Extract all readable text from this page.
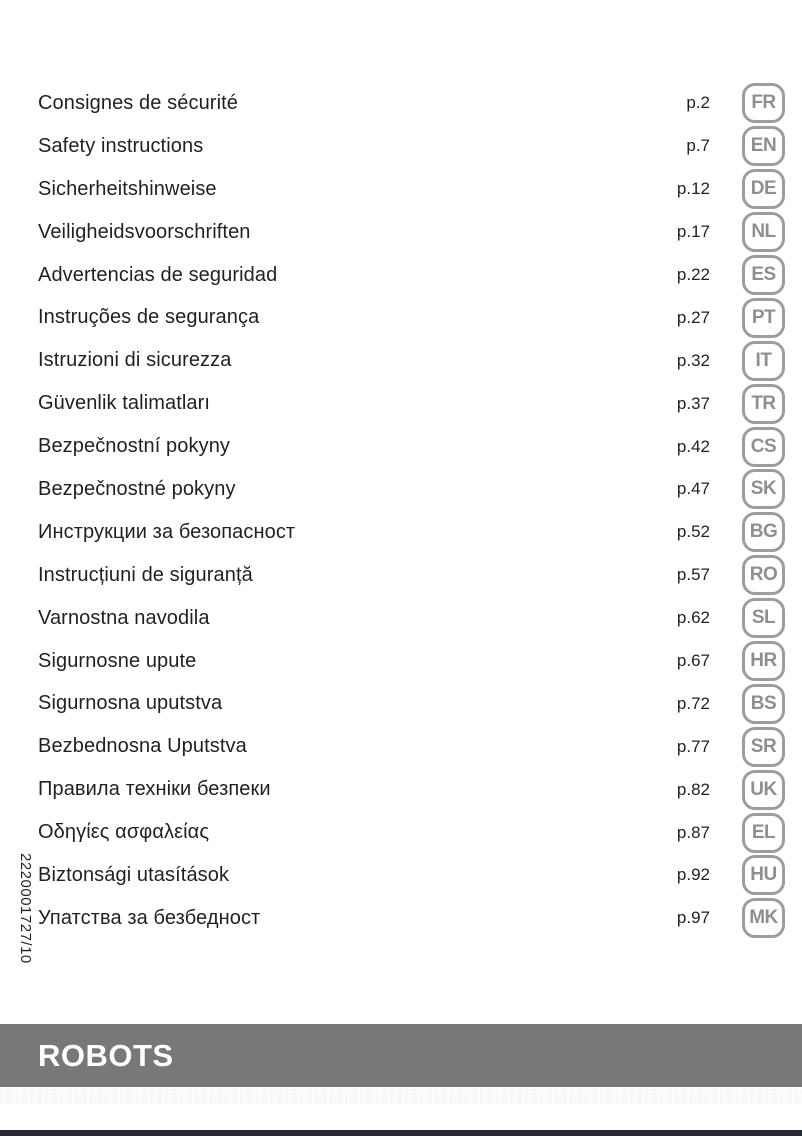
Consignes de sécurité	p.2	FR
Safety instructions	p.7	EN
Sicherheitshinweise	p.12	DE
Veiligheidsvoorschriften	p.17	NL
Advertencias de seguridad	p.22	ES
Instruções de segurança	p.27	PT
Istruzioni di sicurezza	p.32	IT
Güvenlik talimatları	p.37	TR
Bezpečnostní pokyny	p.42	CS
Bezpečnostné pokyny	p.47	SK
Инструкции за безопасност	p.52	BG
Instrucțiuni de siguranță	p.57	RO
Varnostna navodila	p.62	SL
Sigurnosne upute	p.67	HR
Sigurnosna uputstva	p.72	BS
Bezbednosna Uputstva	p.77	SR
Правила техніки безпеки	p.82	UK
Οδηγίες ασφαλείας	p.87	EL
Biztonsági utasítások	p.92	HU
Упатства за безбедност	p.97	MK
2220001727/10
ROBOTS
